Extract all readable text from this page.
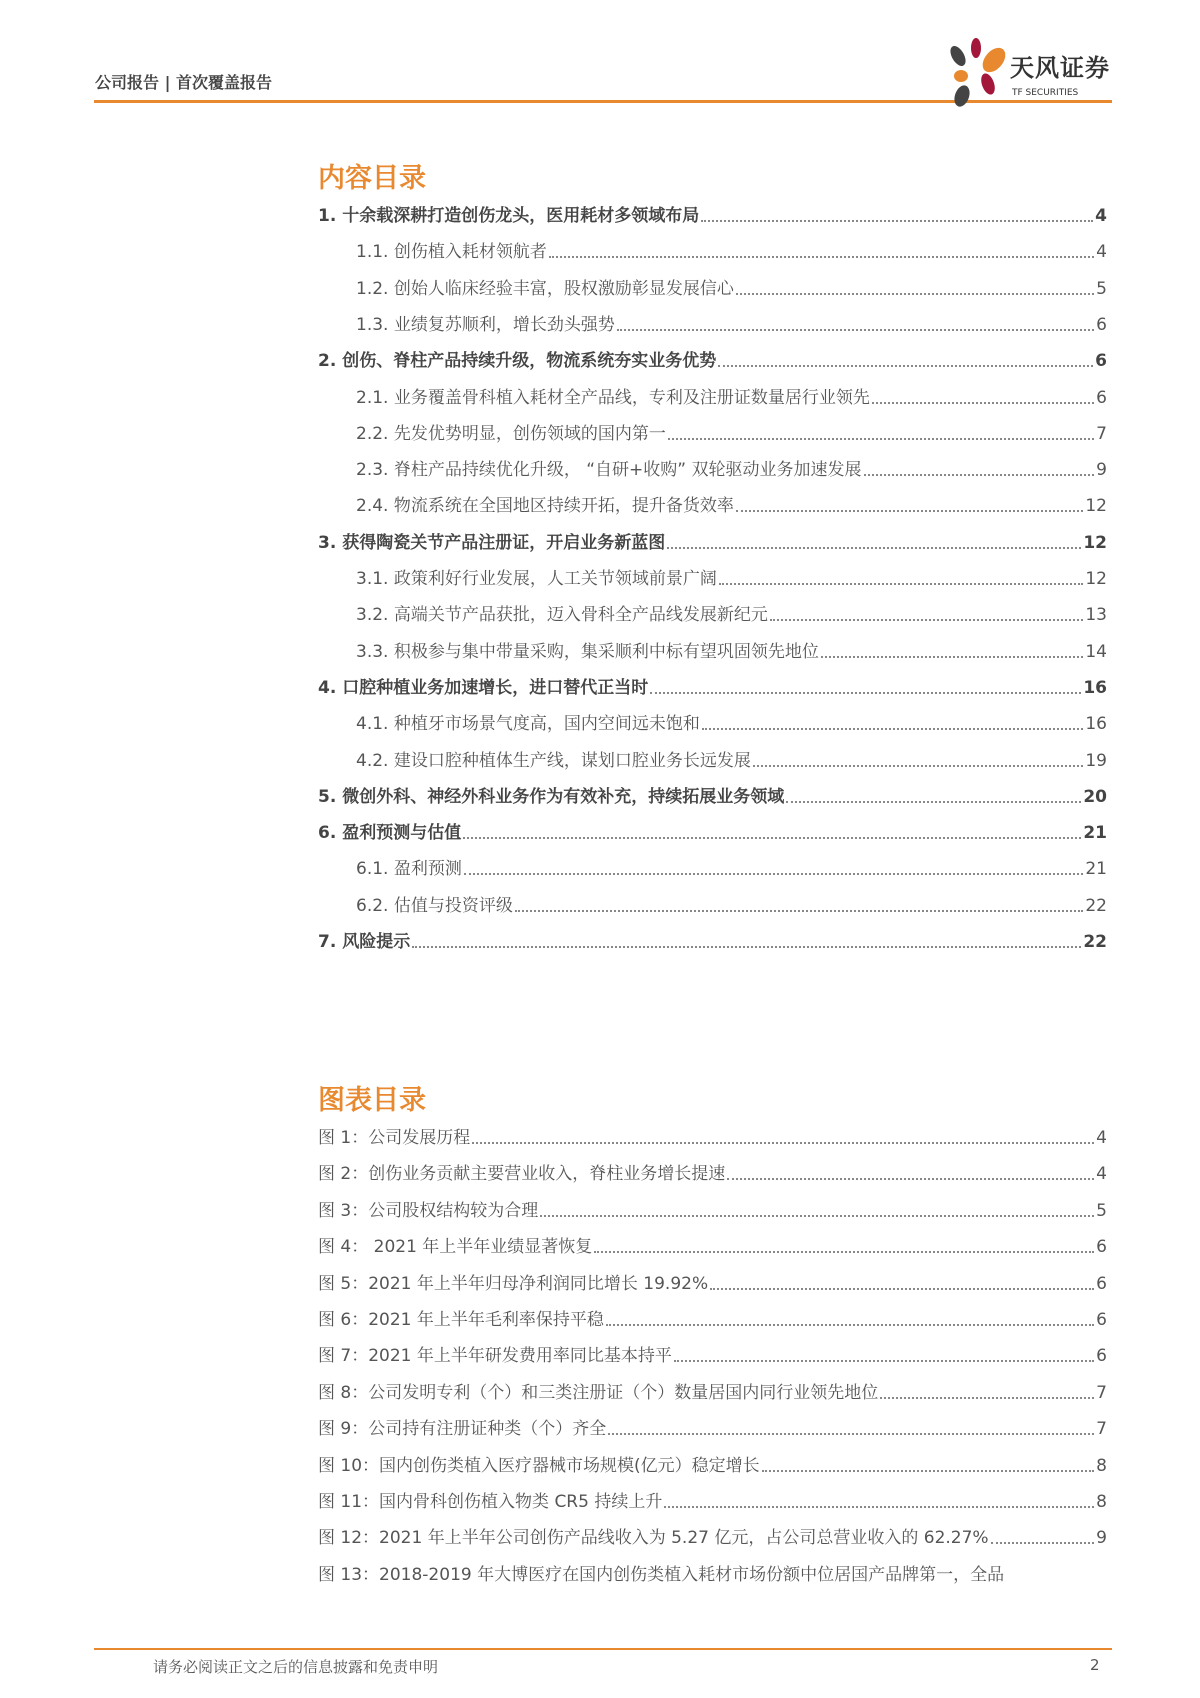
公司报告 | 首次覆盖报告
天风证券
TF SECURITIES
内容目录
1. 十余载深耕打造创伤龙头，医用耗材多领域布局	4
1.1. 创伤植入耗材领航者	4
1.2. 创始人临床经验丰富，股权激励彰显发展信心	5
1.3. 业绩复苏顺利，增长劲头强势	6
2. 创伤、脊柱产品持续升级，物流系统夯实业务优势	6
2.1. 业务覆盖骨科植入耗材全产品线，专利及注册证数量居行业领先	6
2.2. 先发优势明显，创伤领域的国内第一	7
2.3. 脊柱产品持续优化升级， “自研+收购” 双轮驱动业务加速发展	9
2.4. 物流系统在全国地区持续开拓，提升备货效率	12
3. 获得陶瓷关节产品注册证，开启业务新蓝图	12
3.1. 政策利好行业发展，人工关节领域前景广阔	12
3.2. 高端关节产品获批，迈入骨科全产品线发展新纪元	13
3.3. 积极参与集中带量采购，集采顺利中标有望巩固领先地位	14
4. 口腔种植业务加速增长，进口替代正当时	16
4.1. 种植牙市场景气度高，国内空间远未饱和	16
4.2. 建设口腔种植体生产线，谋划口腔业务长远发展	19
5. 微创外科、神经外科业务作为有效补充，持续拓展业务领域	20
6. 盈利预测与估值	21
6.1. 盈利预测	21
6.2. 估值与投资评级	22
7. 风险提示	22
图表目录
图 1：公司发展历程	4
图 2：创伤业务贡献主要营业收入，脊柱业务增长提速	4
图 3：公司股权结构较为合理	5
图 4： 2021 年上半年业绩显著恢复	6
图 5：2021 年上半年归母净利润同比增长 19.92%	6
图 6：2021 年上半年毛利率保持平稳	6
图 7：2021 年上半年研发费用率同比基本持平	6
图 8：公司发明专利（个）和三类注册证（个）数量居国内同行业领先地位	7
图 9：公司持有注册证种类（个）齐全	7
图 10：国内创伤类植入医疗器械市场规模(亿元）稳定增长	8
图 11：国内骨科创伤植入物类 CR5 持续上升	8
图 12：2021 年上半年公司创伤产品线收入为 5.27 亿元，占公司总营业收入的 62.27%	9
图 13：2018-2019 年大博医疗在国内创伤类植入耗材市场份额中位居国产品牌第一，全品
请务必阅读正文之后的信息披露和免责申明	2
